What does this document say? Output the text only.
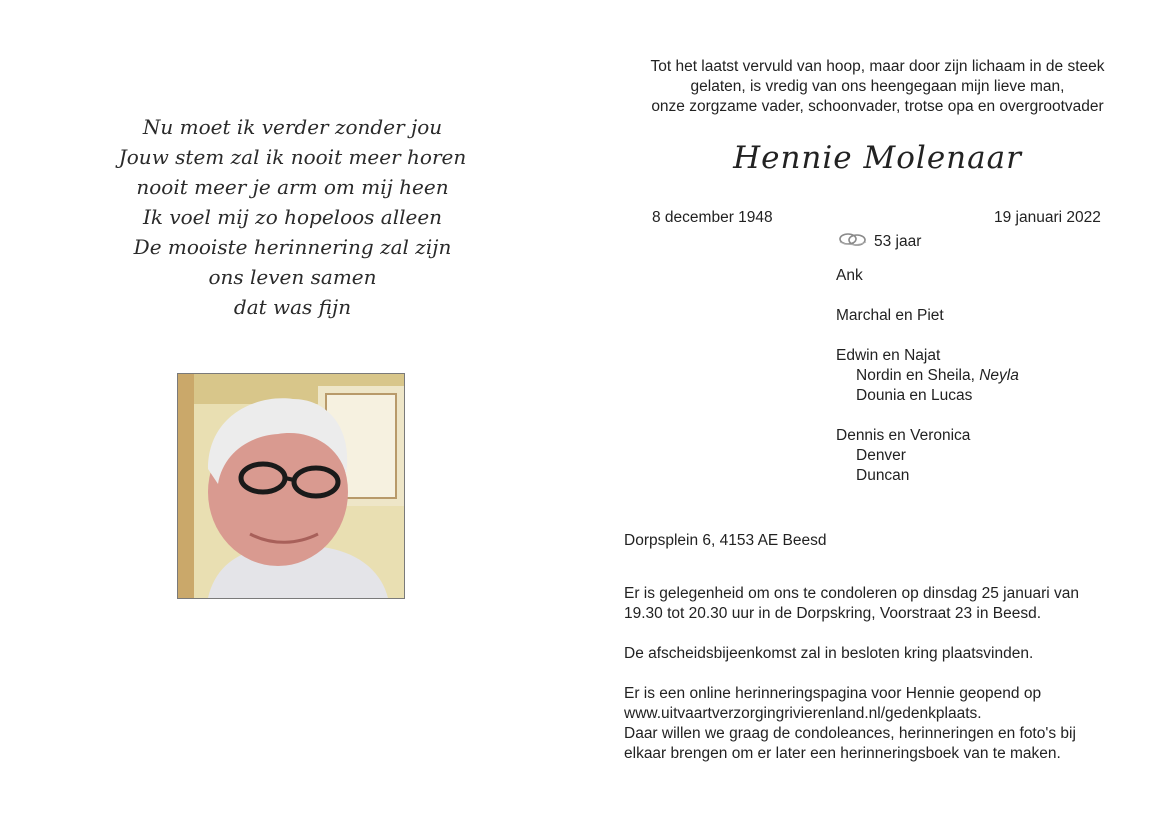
Nu moet ik verder zonder jou
Jouw stem zal ik nooit meer horen
nooit meer je arm om mij heen
Ik voel mij zo hopeloos alleen
De mooiste herinnering zal zijn
ons leven samen
dat was fijn
Tot het laatst vervuld van hoop, maar door zijn lichaam in de steek
gelaten, is vredig van ons heengegaan mijn lieve man,
onze zorgzame vader, schoonvader, trotse opa en overgrootvader
Hennie Molenaar
8 december 1948	19 januari 2022
53 jaar
Ank
Marchal en Piet
Edwin en Najat
Nordin en Sheila, Neyla
Dounia en Lucas
Dennis en Veronica
Denver
Duncan
Dorpsplein 6, 4153 AE Beesd
Er is gelegenheid om ons te condoleren op dinsdag 25 januari van
19.30 tot 20.30 uur in de Dorpskring, Voorstraat 23 in Beesd.
De afscheidsbijeenkomst zal in besloten kring plaatsvinden.
Er is een online herinneringspagina voor Hennie geopend op
www.uitvaartverzorgingrivierenland.nl/gedenkplaats.
Daar willen we graag de condoleances, herinneringen en foto's bij
elkaar brengen om er later een herinneringsboek van te maken.
